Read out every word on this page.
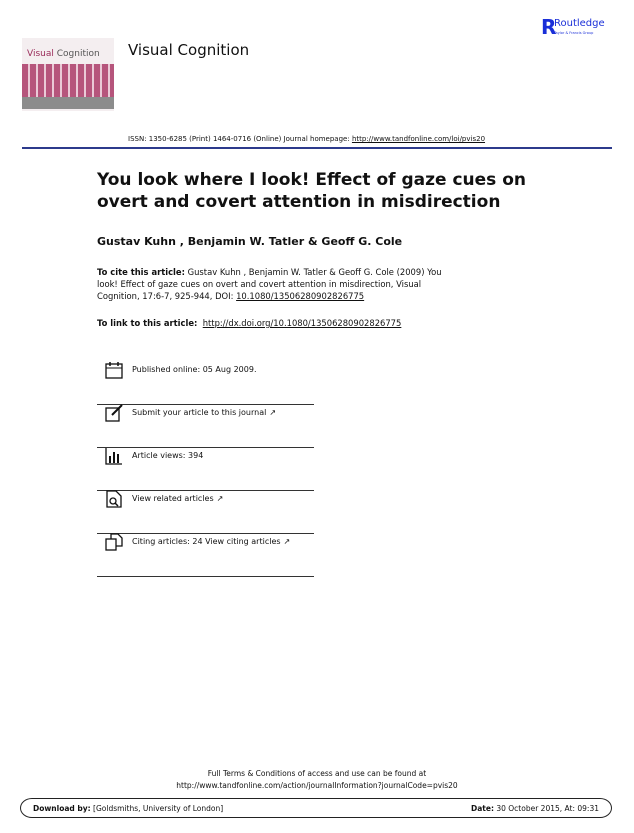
Visual Cognition Visual Cognition
R
Routledge
Taylor & Francis Group
ISSN: 1350-6285 (Print) 1464-0716 (Online) Journal homepage: http://www.tandfonline.com/loi/pvis20
You look where I look! Effect of gaze cues on overt and covert attention in misdirection
Gustav Kuhn , Benjamin W. Tatler & Geoff G. Cole
To cite this article: Gustav Kuhn , Benjamin W. Tatler & Geoff G. Cole (2009) You look! Effect of gaze cues on overt and covert attention in misdirection, Visual Cognition, 17:6-7, 925-944, DOI: 10.1080/13506280902826775
To link to this article: http://dx.doi.org/10.1080/13506280902826775
Published online: 05 Aug 2009.
Submit your article to this journal ↗
Article views: 394
View related articles ↗
Citing articles: 24 View citing articles ↗
Full Terms & Conditions of access and use can be found at
http://www.tandfonline.com/action/journalInformation?journalCode=pvis20
Download by: [Goldsmiths, University of London]	Date: 30 October 2015, At: 09:31
